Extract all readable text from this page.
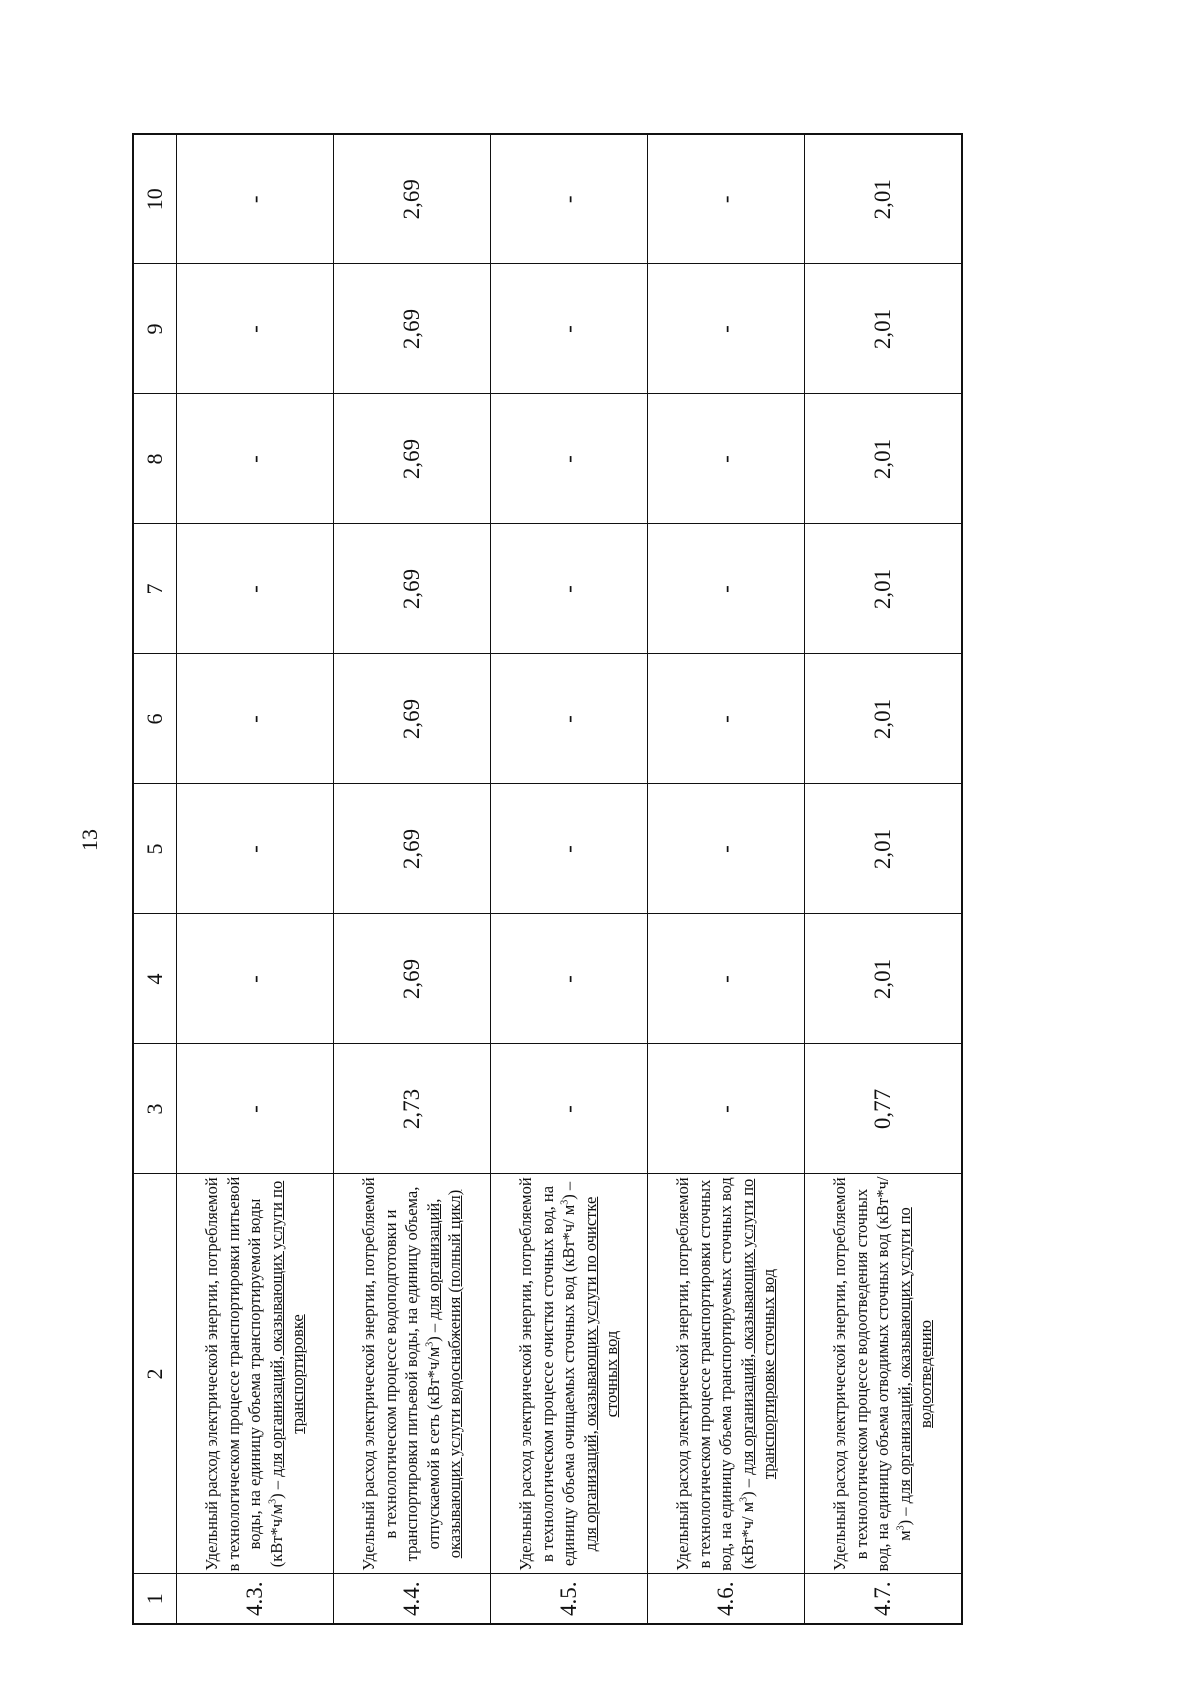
13
1	2	3	4	5	6	7	8	9	10
4.3.	Удельный расход электрической энергии, потребляемой в технологическом процессе транспортировки питьевой воды, на единицу объема транспортируемой воды $(кВт*ч/м^3)$ – для организаций, оказывающих услуги по транспортировке	-	-	-	-	-	-	-	-
4.4.	Удельный расход электрической энергии, потребляемой в технологическом процессе водоподготовки и транспортировки питьевой воды, на единицу объема, отпускаемой в сеть $(кВт*ч/м^3)$ – для организаций, оказывающих услуги водоснабжения (полный цикл)	2,73	2,69	2,69	2,69	2,69	2,69	2,69	2,69
4.5.	Удельный расход электрической энергии, потребляемой в технологическом процессе очистки сточных вод, на единицу объема очищаемых сточных вод (кВт*ч/ $м^3$) – для организаций, оказывающих услуги по очистке сточных вод	-	-	-	-	-	-	-	-
4.6.	Удельный расход электрической энергии, потребляемой в технологическом процессе транспортировки сточных вод, на единицу объема транспортируемых сточных вод (кВт*ч/ $м^3$) – для организаций, оказывающих услуги по транспортировке сточных вод	-	-	-	-	-	-	-	-
4.7.	Удельный расход электрической энергии, потребляемой в технологическом процессе водоотведения сточных вод, на единицу объема отводимых сточных вод (кВт*ч/ $м^3$) – для организаций, оказывающих услуги по водоотведению	0,77	2,01	2,01	2,01	2,01	2,01	2,01	2,01
